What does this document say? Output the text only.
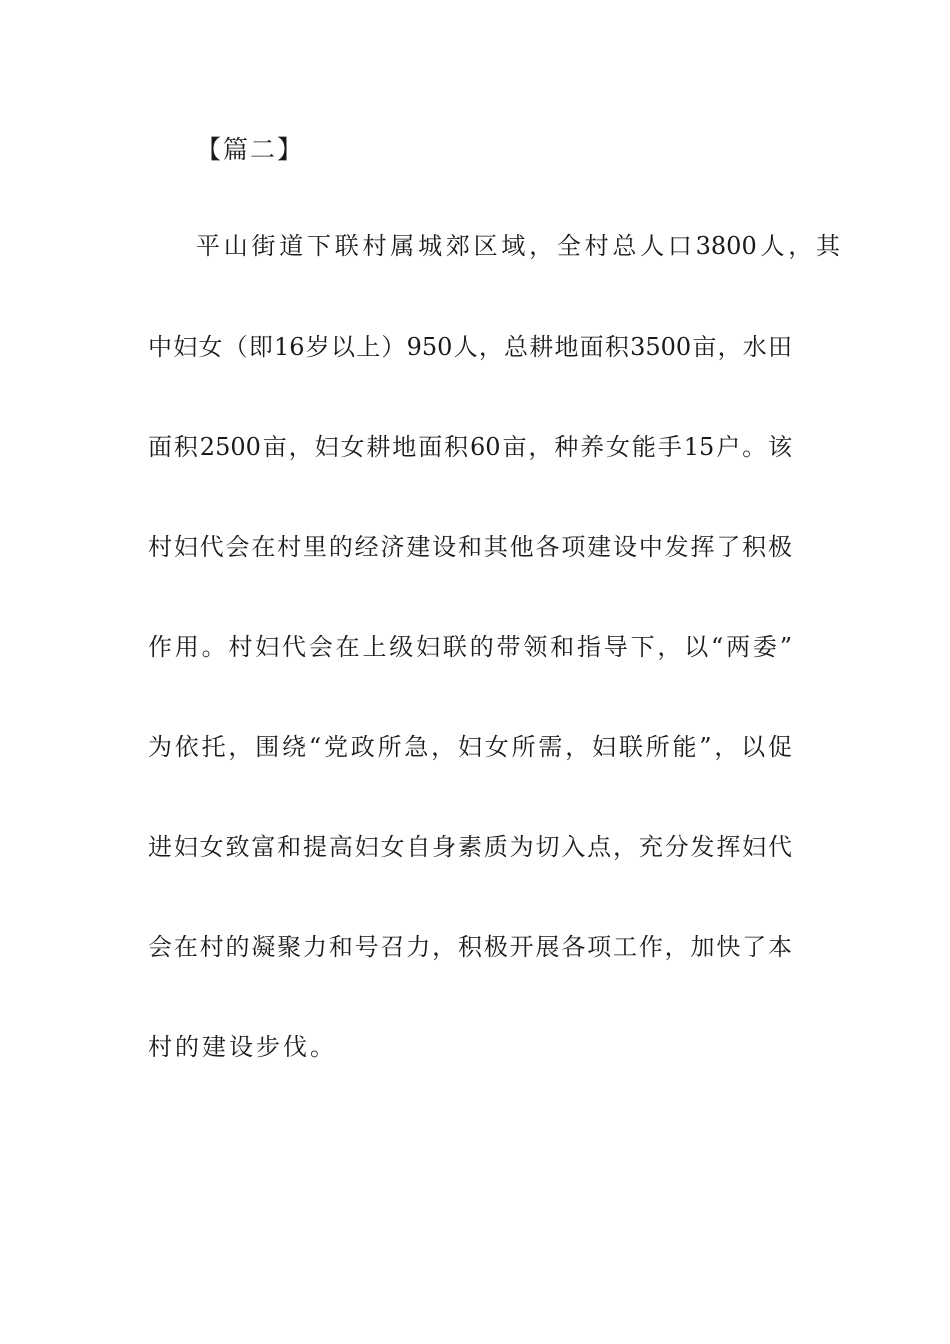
【篇二】
平山街道下联村属城郊区域，全村总人口3800人，其
中妇女（即16岁以上）950人，总耕地面积3500亩，水田
面积2500亩，妇女耕地面积60亩，种养女能手15户。该
村妇代会在村里的经济建设和其他各项建设中发挥了积极
作用。村妇代会在上级妇联的带领和指导下，以“两委”
为依托，围绕“党政所急，妇女所需，妇联所能”，以促
进妇女致富和提高妇女自身素质为切入点，充分发挥妇代
会在村的凝聚力和号召力，积极开展各项工作，加快了本
村的建设步伐。
